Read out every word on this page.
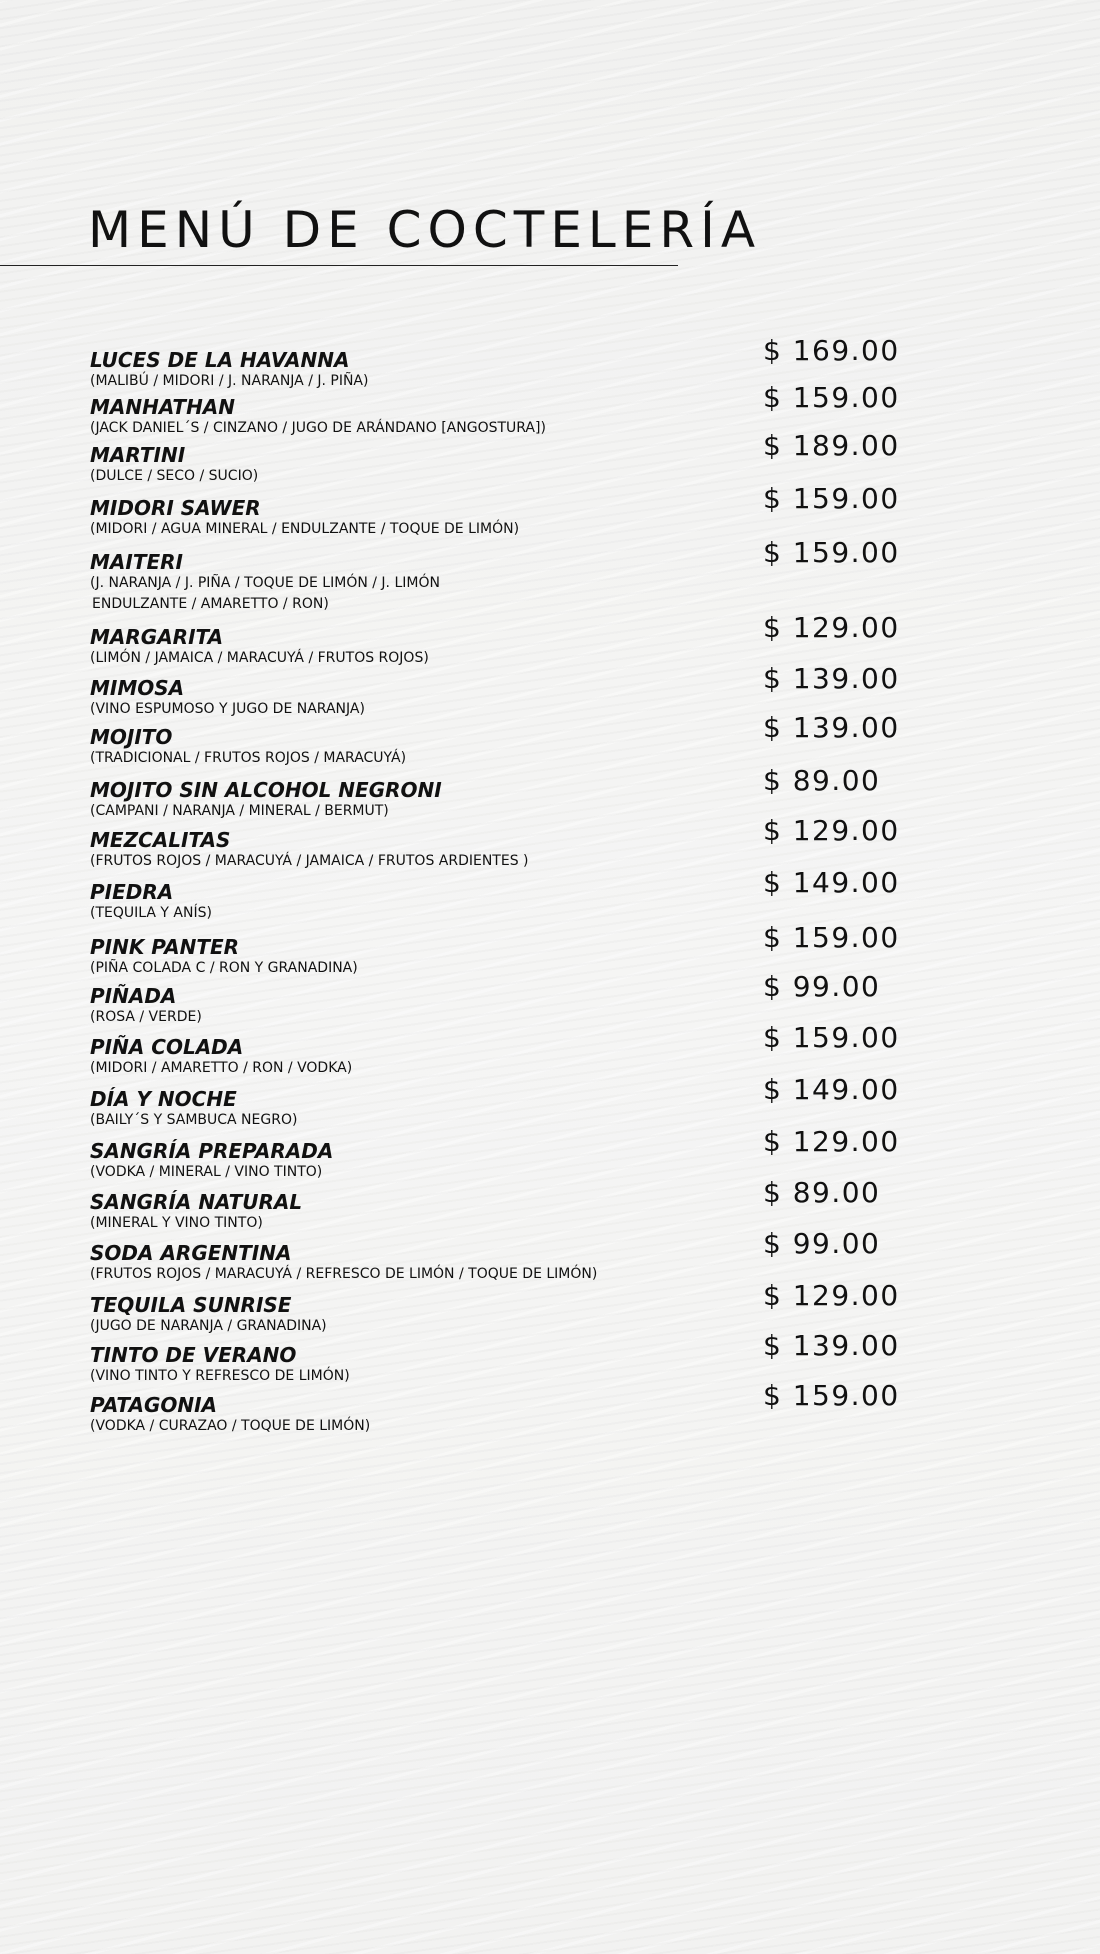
MENÚ DE COCTELERÍA
LUCES DE LA HAVANNA
(MALIBÚ / MIDORI / J. NARANJA / J. PIÑA)
$ 169.00
MANHATHAN
(JACK DANIEL´S / CINZANO / JUGO DE ARÁNDANO [ANGOSTURA])
$ 159.00
MARTINI
(DULCE / SECO / SUCIO)
$ 189.00
MIDORI SAWER
(MIDORI / AGUA MINERAL / ENDULZANTE / TOQUE DE LIMÓN)
$ 159.00
MAITERI
(J. NARANJA / J. PIÑA / TOQUE DE LIMÓN / J. LIMÓN
ENDULZANTE / AMARETTO / RON)
$ 159.00
MARGARITA
(LIMÓN / JAMAICA / MARACUYÁ / FRUTOS ROJOS)
$ 129.00
MIMOSA
(VINO ESPUMOSO Y JUGO DE NARANJA)
$ 139.00
MOJITO
(TRADICIONAL / FRUTOS ROJOS / MARACUYÁ)
$ 139.00
MOJITO SIN ALCOHOL NEGRONI
(CAMPANI / NARANJA / MINERAL / BERMUT)
$ 89.00
MEZCALITAS
(FRUTOS ROJOS / MARACUYÁ / JAMAICA / FRUTOS ARDIENTES )
$ 129.00
PIEDRA
(TEQUILA Y ANÍS)
$ 149.00
PINK PANTER
(PIÑA COLADA C / RON Y GRANADINA)
$ 159.00
PIÑADA
(ROSA / VERDE)
$ 99.00
PIÑA COLADA
(MIDORI / AMARETTO / RON / VODKA)
$ 159.00
DÍA Y NOCHE
(BAILY´S Y SAMBUCA NEGRO)
$ 149.00
SANGRÍA PREPARADA
(VODKA / MINERAL / VINO TINTO)
$ 129.00
SANGRÍA NATURAL
(MINERAL Y VINO TINTO)
$ 89.00
SODA ARGENTINA
(FRUTOS ROJOS / MARACUYÁ / REFRESCO DE LIMÓN / TOQUE DE LIMÓN)
$ 99.00
TEQUILA SUNRISE
(JUGO DE NARANJA / GRANADINA)
$ 129.00
TINTO DE VERANO
(VINO TINTO Y REFRESCO DE LIMÓN)
$ 139.00
PATAGONIA
(VODKA / CURAZAO / TOQUE DE LIMÓN)
$ 159.00
